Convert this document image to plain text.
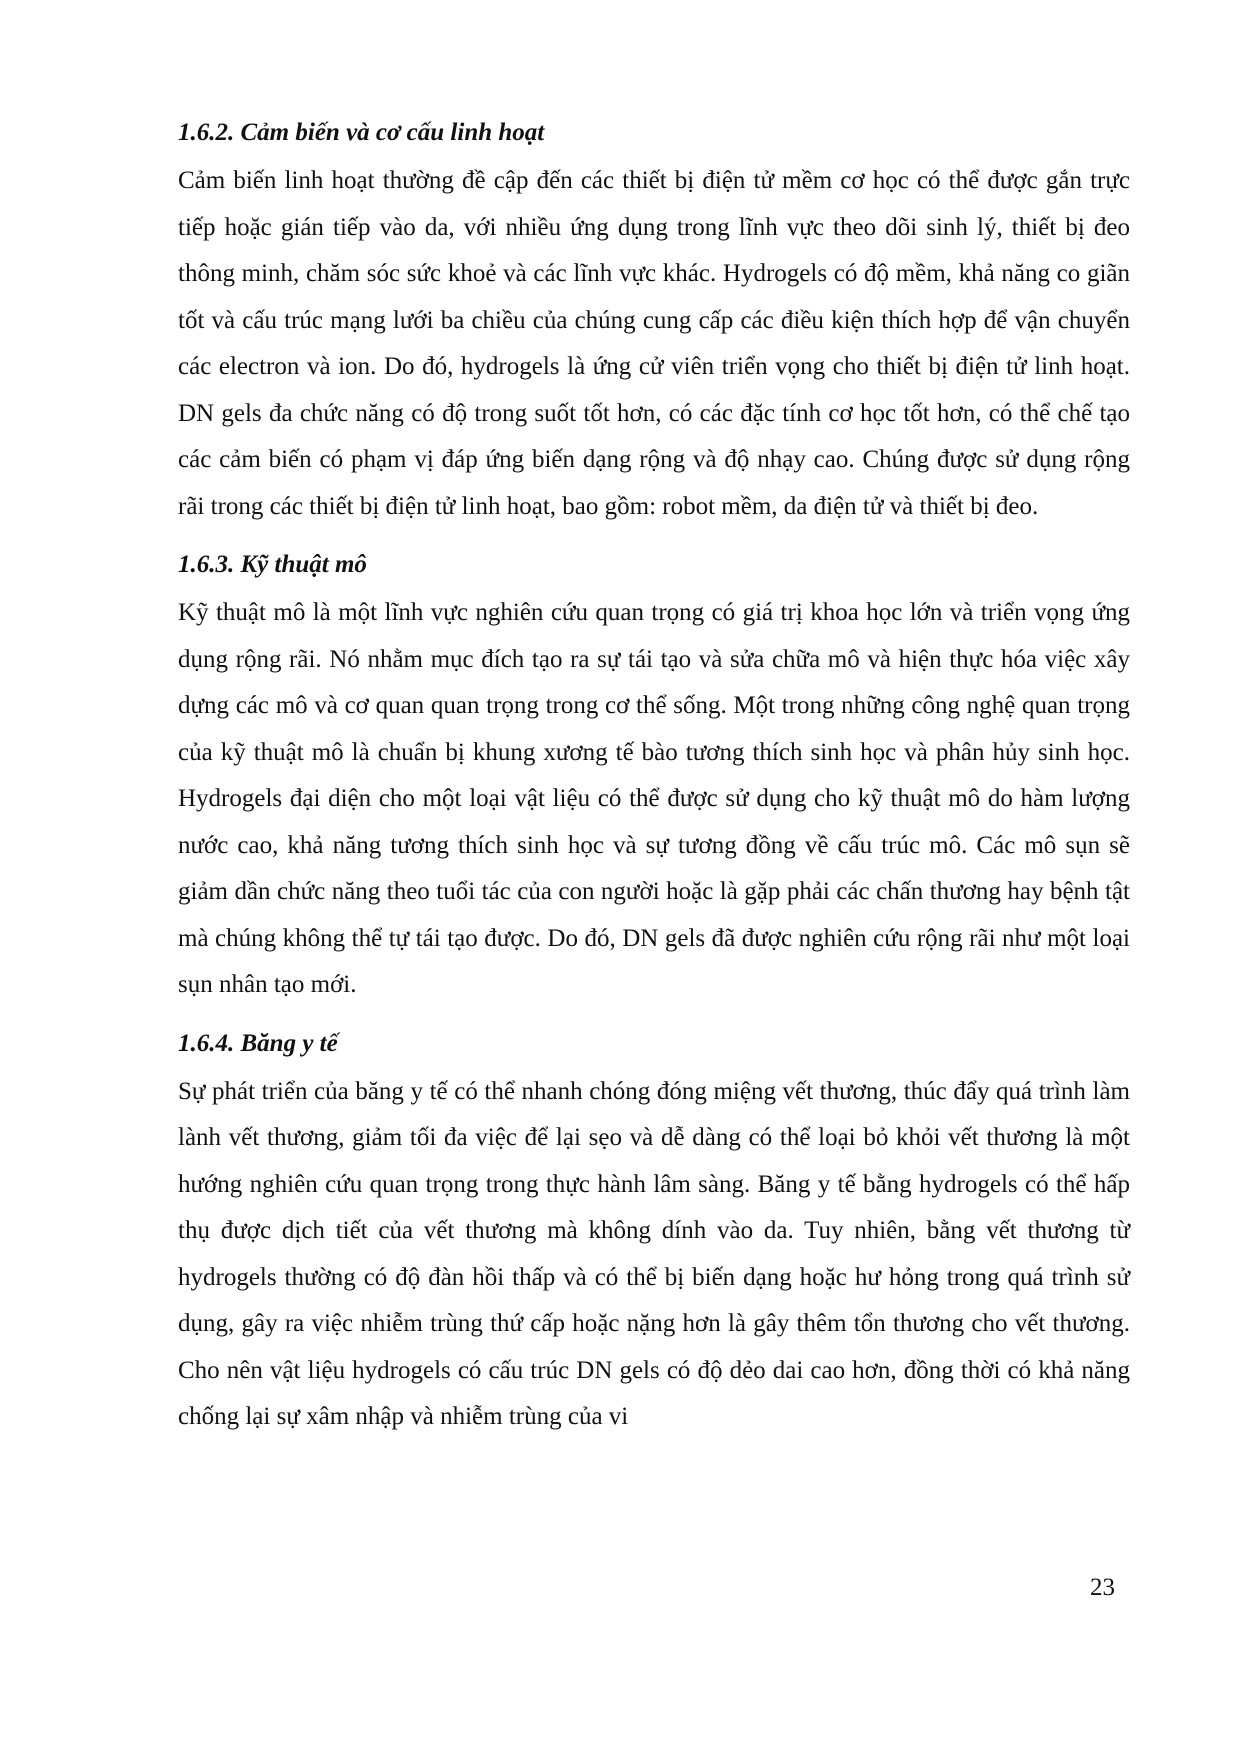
1.6.2. Cảm biến và cơ cấu linh hoạt

Cảm biến linh hoạt thường đề cập đến các thiết bị điện tử mềm cơ học có thể được gắn trực tiếp hoặc gián tiếp vào da, với nhiều ứng dụng trong lĩnh vực theo dõi sinh lý, thiết bị đeo thông minh, chăm sóc sức khoẻ và các lĩnh vực khác. Hydrogels có độ mềm, khả năng co giãn tốt và cấu trúc mạng lưới ba chiều của chúng cung cấp các điều kiện thích hợp để vận chuyển các electron và ion. Do đó, hydrogels là ứng cử viên triển vọng cho thiết bị điện tử linh hoạt. DN gels đa chức năng có độ trong suốt tốt hơn, có các đặc tính cơ học tốt hơn, có thể chế tạo các cảm biến có phạm vị đáp ứng biến dạng rộng và độ nhạy cao. Chúng được sử dụng rộng rãi trong các thiết bị điện tử linh hoạt, bao gồm: robot mềm, da điện tử và thiết bị đeo.

1.6.3. Kỹ thuật mô

Kỹ thuật mô là một lĩnh vực nghiên cứu quan trọng có giá trị khoa học lớn và triển vọng ứng dụng rộng rãi. Nó nhằm mục đích tạo ra sự tái tạo và sửa chữa mô và hiện thực hóa việc xây dựng các mô và cơ quan quan trọng trong cơ thể sống. Một trong những công nghệ quan trọng của kỹ thuật mô là chuẩn bị khung xương tế bào tương thích sinh học và phân hủy sinh học. Hydrogels đại diện cho một loại vật liệu có thể được sử dụng cho kỹ thuật mô do hàm lượng nước cao, khả năng tương thích sinh học và sự tương đồng về cấu trúc mô. Các mô sụn sẽ giảm dần chức năng theo tuổi tác của con người hoặc là gặp phải các chấn thương hay bệnh tật mà chúng không thể tự tái tạo được. Do đó, DN gels đã được nghiên cứu rộng rãi như một loại sụn nhân tạo mới.

1.6.4. Băng y tế

Sự phát triển của băng y tế có thể nhanh chóng đóng miệng vết thương, thúc đẩy quá trình làm lành vết thương, giảm tối đa việc để lại sẹo và dễ dàng có thể loại bỏ khỏi vết thương là một hướng nghiên cứu quan trọng trong thực hành lâm sàng. Băng y tế bằng hydrogels có thể hấp thụ được dịch tiết của vết thương mà không dính vào da. Tuy nhiên, bằng vết thương từ hydrogels thường có độ đàn hồi thấp và có thể bị biến dạng hoặc hư hỏng trong quá trình sử dụng, gây ra việc nhiễm trùng thứ cấp hoặc nặng hơn là gây thêm tổn thương cho vết thương. Cho nên vật liệu hydrogels có cấu trúc DN gels có độ dẻo dai cao hơn, đồng thời có khả năng chống lại sự xâm nhập và nhiễm trùng của vi

23
